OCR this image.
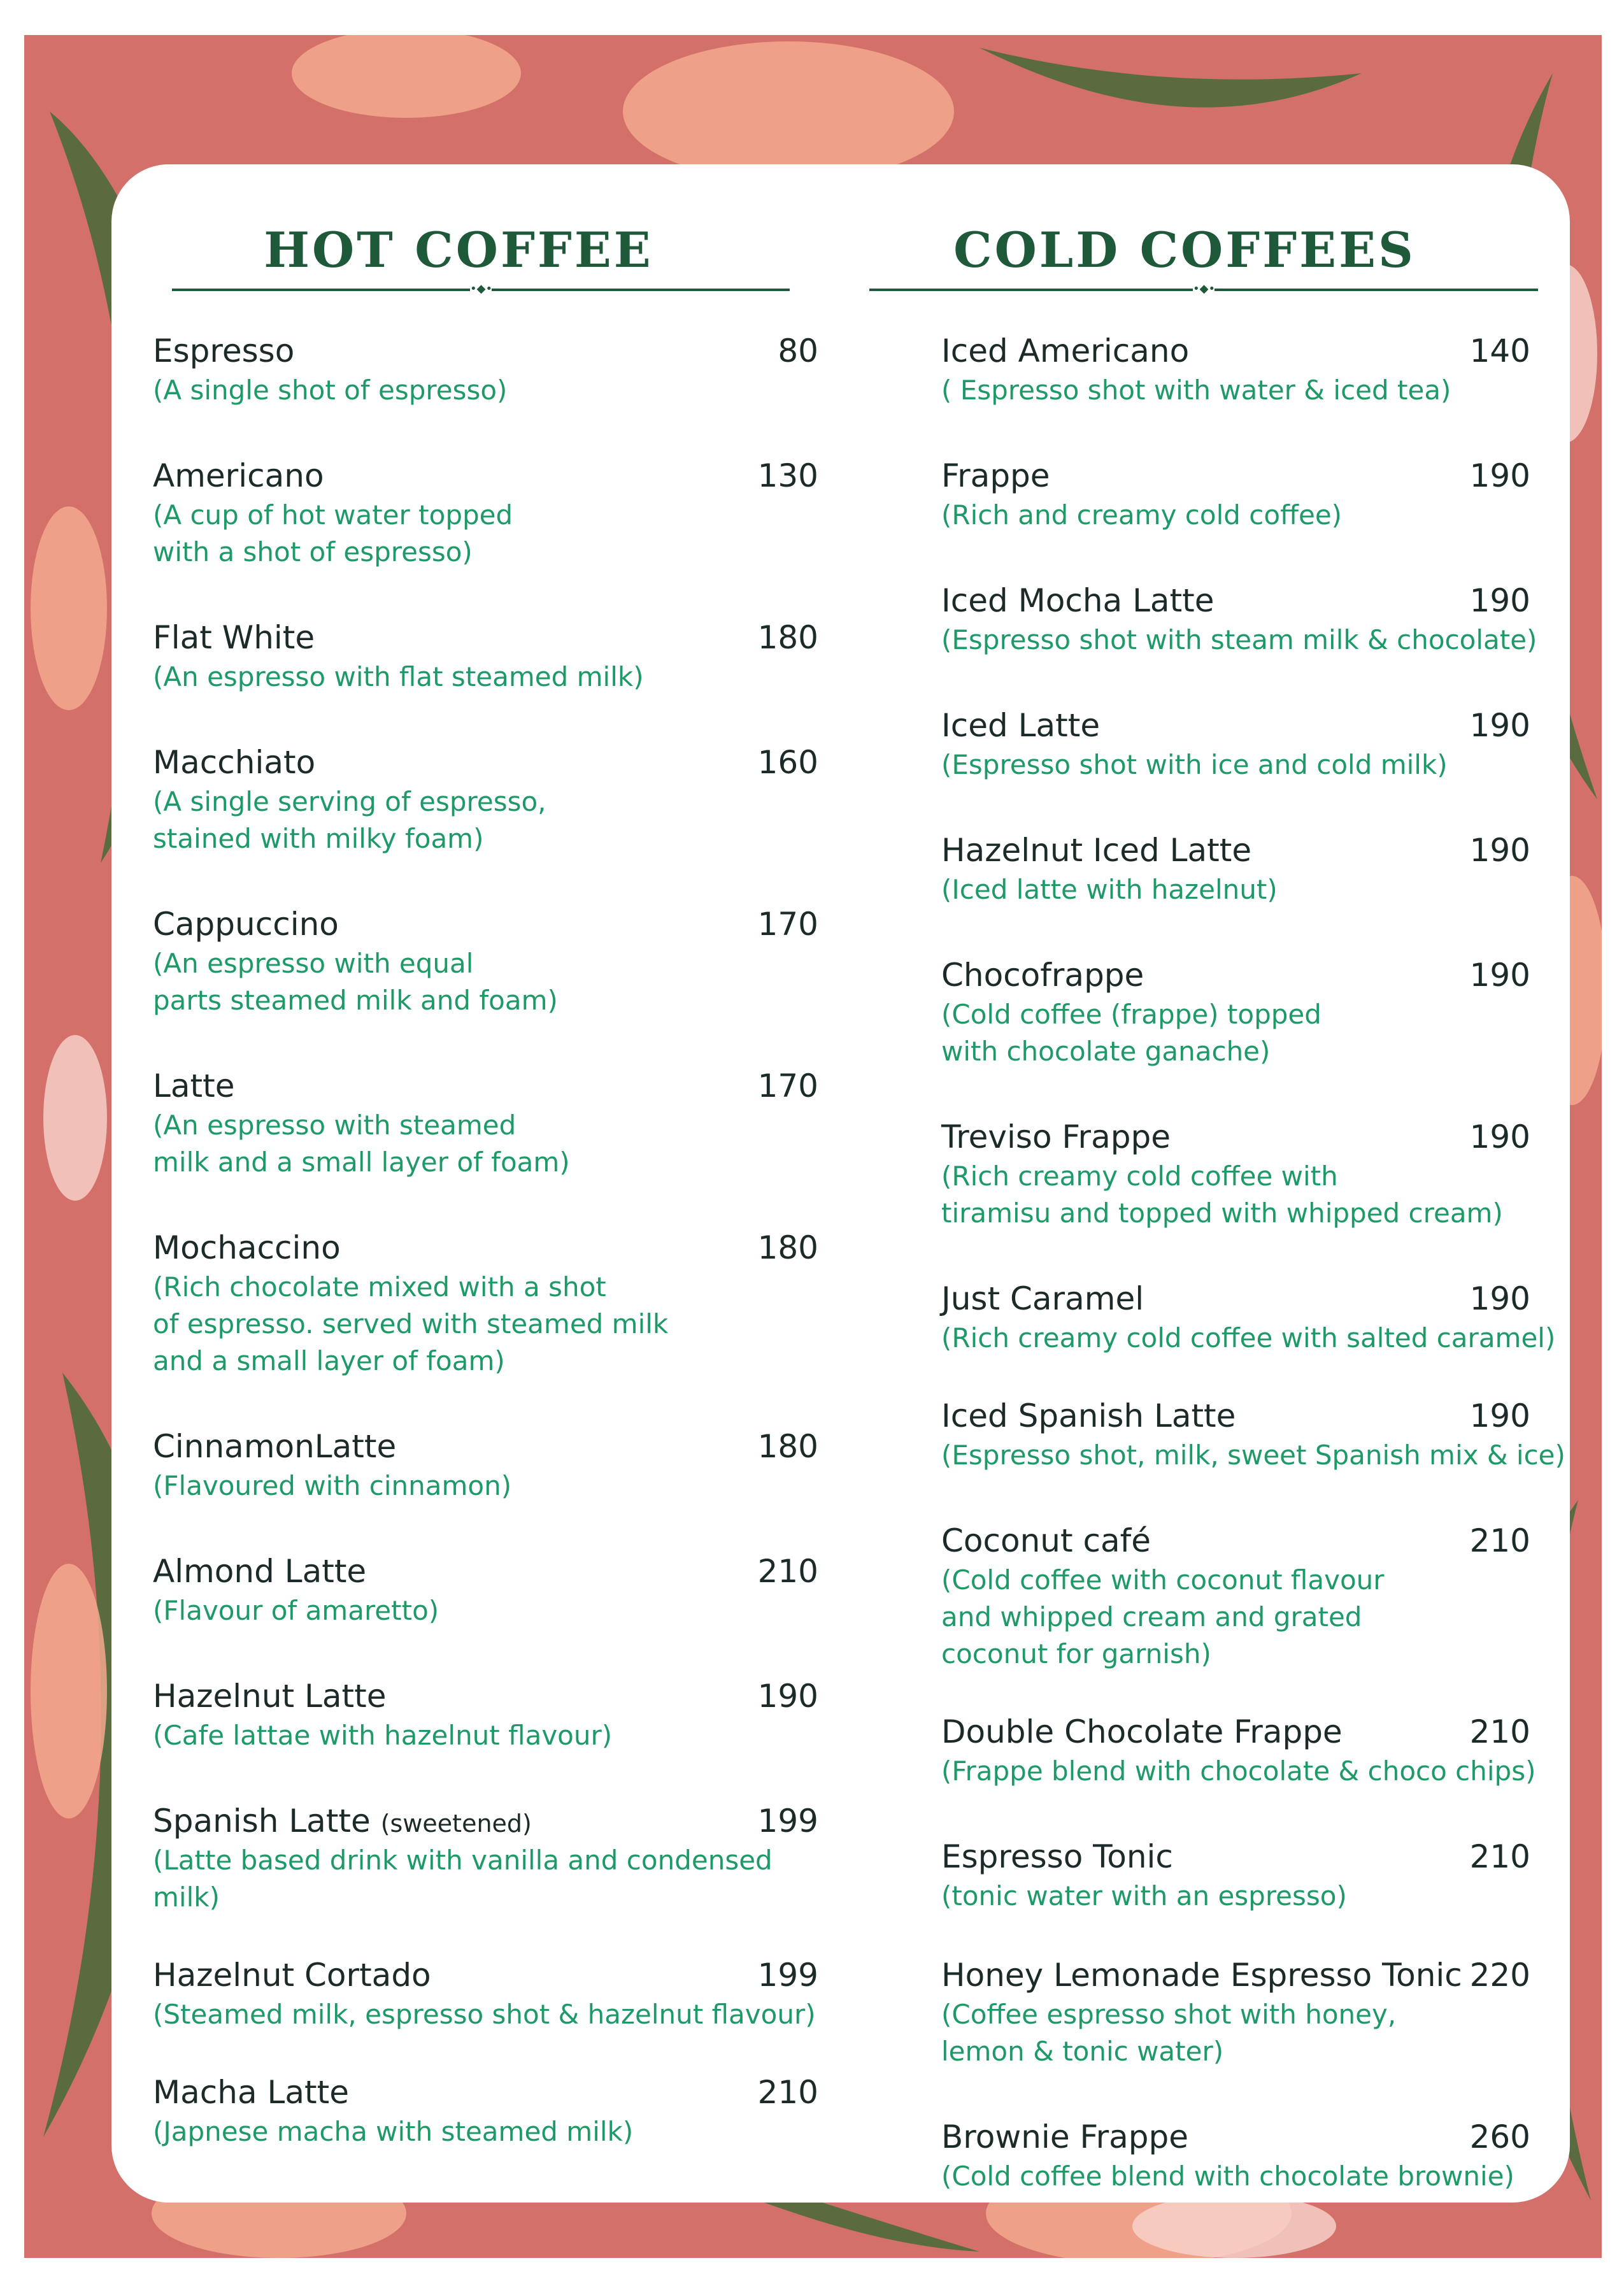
HOT COFFEE
•◆•
Espresso	80
(A single shot of espresso)
Americano	130
(A cup of hot water topped
with a shot of espresso)
Flat White	180
(An espresso with flat steamed milk)
Macchiato	160
(A single serving of espresso,
stained with milky foam)
Cappuccino	170
(An espresso with equal
parts steamed milk and foam)
Latte	170
(An espresso with steamed
milk and a small layer of foam)
Mochaccino	180
(Rich chocolate mixed with a shot
of espresso. served with steamed milk
and a small layer of foam)
CinnamonLatte	180
(Flavoured with cinnamon)
Almond Latte	210
(Flavour of amaretto)
Hazelnut Latte	190
(Cafe lattae with hazelnut flavour)
Spanish Latte (sweetened)	199
(Latte based drink with vanilla and condensed
milk)
Hazelnut Cortado	199
(Steamed milk, espresso shot & hazelnut flavour)
Macha Latte	210
(Japnese macha with steamed milk)
COLD COFFEES
•◆•
Iced Americano	140
( Espresso shot with water & iced tea)
Frappe	190
(Rich and creamy cold coffee)
Iced Mocha Latte	190
(Espresso shot with steam milk & chocolate)
Iced Latte	190
(Espresso shot with ice and cold milk)
Hazelnut Iced Latte	190
(Iced latte with hazelnut)
Chocofrappe	190
(Cold coffee (frappe) topped
with chocolate ganache)
Treviso Frappe	190
(Rich creamy cold coffee with
tiramisu and topped with whipped cream)
Just Caramel	190
(Rich creamy cold coffee with salted caramel)
Iced Spanish Latte	190
(Espresso shot, milk, sweet Spanish mix & ice)
Coconut café	210
(Cold coffee with coconut flavour
and whipped cream and grated
coconut for garnish)
Double Chocolate Frappe	210
(Frappe blend with chocolate & choco chips)
Espresso Tonic	210
(tonic water with an espresso)
Honey Lemonade Espresso Tonic 220
(Coffee espresso shot with honey,
lemon & tonic water)
Brownie Frappe	260
(Cold coffee blend with chocolate brownie)
